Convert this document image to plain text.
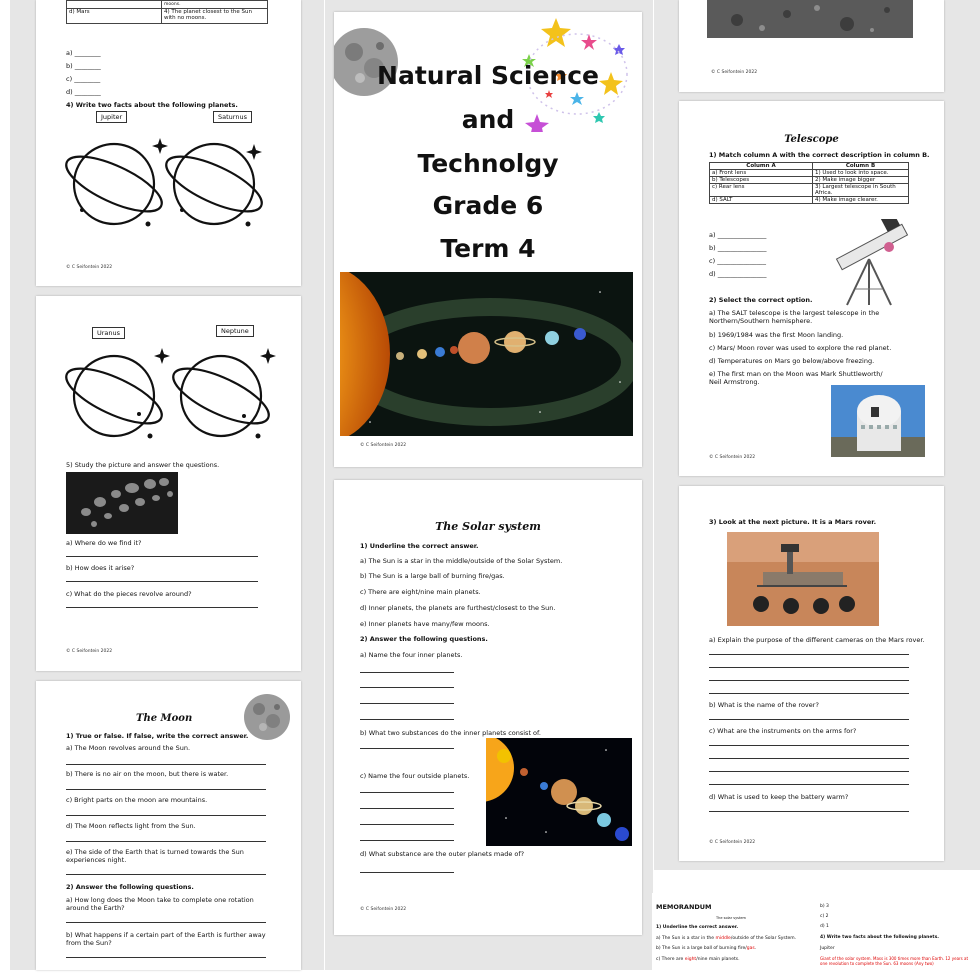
	moons.
d) Mars	4) The planet closest to the Sun with no moons.
a) ________
b) ________
c) ________
d) ________
4) Write two facts about the following planets.
Jupiter	Saturnus
© C Seifontein 2022
Uranus	Neptune
5) Study the picture and answer the questions.
a) Where do we find it?
b) How does it arise?
c) What do the pieces revolve around?
© C Seifontein 2022
The Moon
1) True or false. If false, write the correct answer.
a) The Moon revolves around the Sun.
b) There is no air on the moon, but there is water.
c) Bright parts on the moon are mountains.
d) The Moon reflects light from the Sun.
e) The side of the Earth that is turned towards the Sun experiences night.
2) Answer the following questions.
a) How long does the Moon take to complete one rotation around the Earth?
b) What happens if a certain part of the Earth is further away from the Sun?
Natural Science
and
Technolgy
Grade 6
Term 4
© C Seifontein 2022
The Solar system
1) Underline the correct answer.
a) The Sun is a star in the middle/outside of the Solar System.
b) The Sun is a large ball of burning fire/gas.
c) There are eight/nine main planets.
d) Inner planets, the planets are furthest/closest to the Sun.
e) Inner planets have many/few moons.
2) Answer the following questions.
a) Name the four inner planets.
b) What two substances do the inner planets consist of.
c) Name the four outside planets.
d) What substance are the outer planets made of?
© C Seifontein 2022
© C Seifontein 2022
Telescope
1) Match column A with the correct description in column B.
Column A	Column B
a) Front lens	1) Used to look into space.
b) Telescopes	2) Make image bigger
c) Rear lens	3) Largest telescope in South Africa.
d) SALT	4) Make image clearer.
a) _______________
b) _______________
c) _______________
d) _______________
2) Select the correct option.
a) The SALT telescope is the largest telescope in the Northern/Southern hemisphere.
b) 1969/1984 was the first Moon landing.
c) Mars/ Moon rover was used to explore the red planet.
d) Temperatures on Mars go below/above freezing.
e) The first man on the Moon was Mark Shuttleworth/ Neil Armstrong.
© C Seifontein 2022
3) Look at the next picture. It is a Mars rover.
a) Explain the purpose of the different cameras on the Mars rover.
b) What is the name of the rover?
c) What are the instruments on the arms for?
d) What is used to keep the battery warm?
© C Seifontein 2022
MEMORANDUM
The solar system
1) Underline the correct answer.
a) The Sun is a star in the middle/outside of the Solar System.
b) The Sun is a large ball of burning fire/gas.
c) There are eight/nine main planets.
b) 3
c) 2
d) 1
4) Write two facts about the following planets.
Jupiter
Giant of the solar system. Mass is 300 times more than Earth. 12 years at one revolution to complete the Sun. 63 moons (Any two)
